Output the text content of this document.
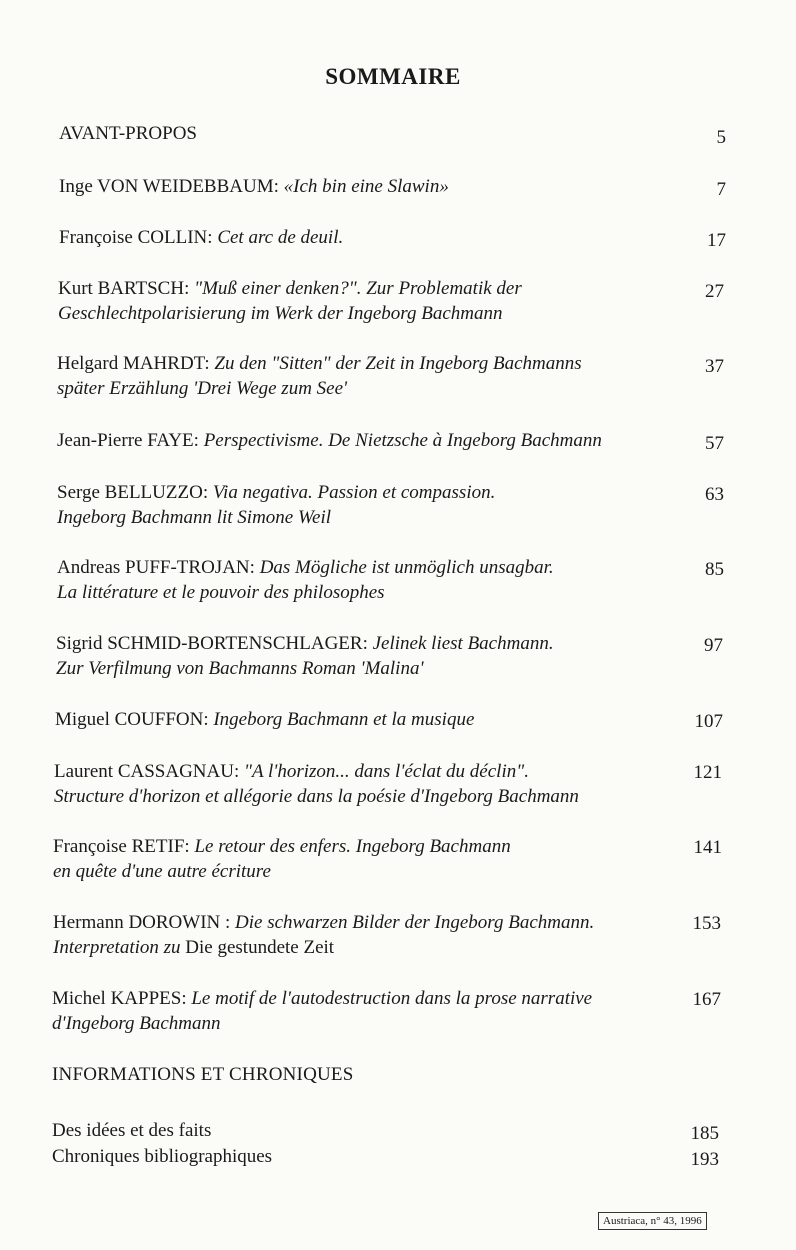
SOMMAIRE
AVANT-PROPOS	5
Inge VON WEIDEBBAUM: «Ich bin eine Slawin»	7
Françoise COLLIN: Cet arc de deuil.	17
Kurt BARTSCH: "Muß einer denken?". Zur Problematik der
Geschlechtpolarisierung im Werk der Ingeborg Bachmann
27
Helgard MAHRDT: Zu den "Sitten" der Zeit in Ingeborg Bachmanns
später Erzählung 'Drei Wege zum See'
37
Jean-Pierre FAYE: Perspectivisme. De Nietzsche à Ingeborg Bachmann	57
Serge BELLUZZO: Via negativa. Passion et compassion.
Ingeborg Bachmann lit Simone Weil
63
Andreas PUFF-TROJAN: Das Mögliche ist unmöglich unsagbar.
La littérature et le pouvoir des philosophes
85
Sigrid SCHMID-BORTENSCHLAGER: Jelinek liest Bachmann.
Zur Verfilmung von Bachmanns Roman 'Malina'
97
Miguel COUFFON: Ingeborg Bachmann et la musique	107
Laurent CASSAGNAU: "A l'horizon... dans l'éclat du déclin".
Structure d'horizon et allégorie dans la poésie d'Ingeborg Bachmann
121
Françoise RETIF: Le retour des enfers. Ingeborg Bachmann
en quête d'une autre écriture
141
Hermann DOROWIN : Die schwarzen Bilder der Ingeborg Bachmann.
Interpretation zu Die gestundete Zeit
153
Michel KAPPES: Le motif de l'autodestruction dans la prose narrative
d'Ingeborg Bachmann
167
INFORMATIONS ET CHRONIQUES
Des idées et des faits	185
Chroniques bibliographiques	193
Austriaca, n° 43, 1996
